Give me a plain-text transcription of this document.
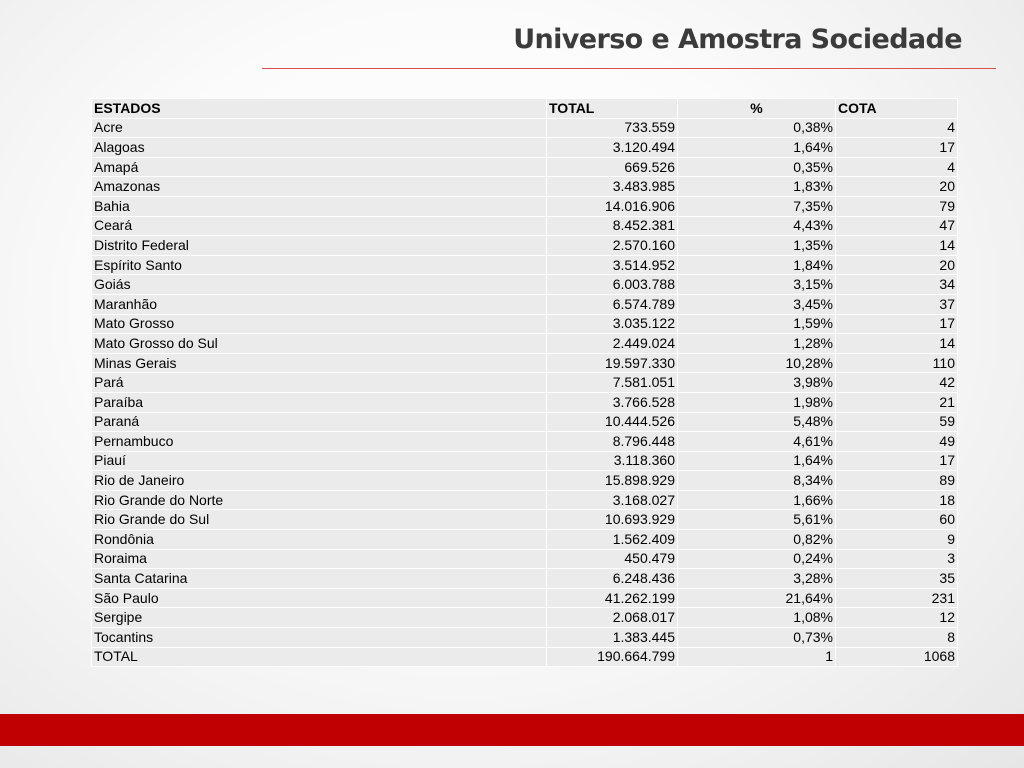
Universo e Amostra Sociedade
ESTADOS	TOTAL	%	COTA
Acre	733.559	0,38%	4
Alagoas	3.120.494	1,64%	17
Amapá	669.526	0,35%	4
Amazonas	3.483.985	1,83%	20
Bahia	14.016.906	7,35%	79
Ceará	8.452.381	4,43%	47
Distrito Federal	2.570.160	1,35%	14
Espírito Santo	3.514.952	1,84%	20
Goiás	6.003.788	3,15%	34
Maranhão	6.574.789	3,45%	37
Mato Grosso	3.035.122	1,59%	17
Mato Grosso do Sul	2.449.024	1,28%	14
Minas Gerais	19.597.330	10,28%	110
Pará	7.581.051	3,98%	42
Paraíba	3.766.528	1,98%	21
Paraná	10.444.526	5,48%	59
Pernambuco	8.796.448	4,61%	49
Piauí	3.118.360	1,64%	17
Rio de Janeiro	15.898.929	8,34%	89
Rio Grande do Norte	3.168.027	1,66%	18
Rio Grande do Sul	10.693.929	5,61%	60
Rondônia	1.562.409	0,82%	9
Roraima	450.479	0,24%	3
Santa Catarina	6.248.436	3,28%	35
São Paulo	41.262.199	21,64%	231
Sergipe	2.068.017	1,08%	12
Tocantins	1.383.445	0,73%	8
TOTAL	190.664.799	1	1068
